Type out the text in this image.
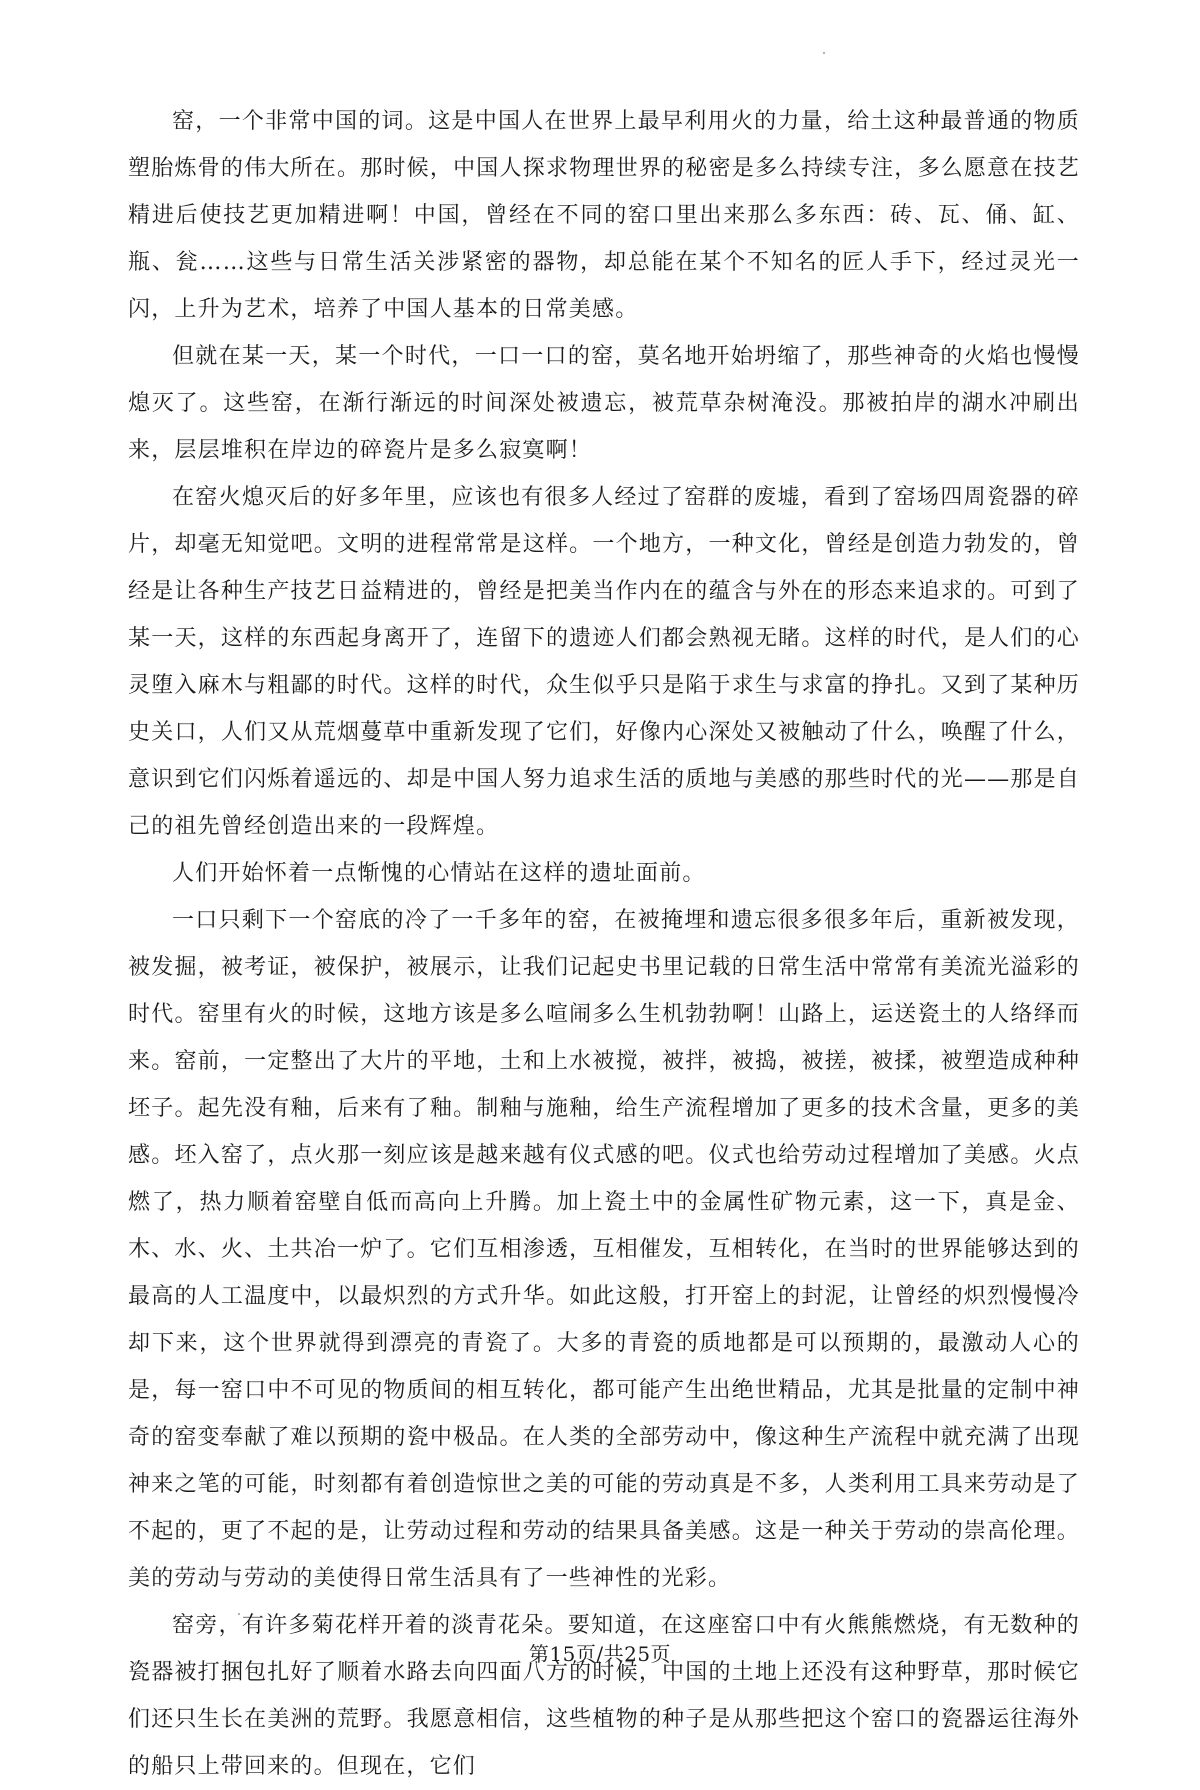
窑，一个非常中国的词。这是中国人在世界上最早利用火的力量，给土这种最普通的物质塑胎炼骨的伟大所在。那时候，中国人探求物理世界的秘密是多么持续专注，多么愿意在技艺精进后使技艺更加精进啊！中国，曾经在不同的窑口里出来那么多东西：砖、瓦、俑、缸、瓶、瓮……这些与日常生活关涉紧密的器物，却总能在某个不知名的匠人手下，经过灵光一闪，上升为艺术，培养了中国人基本的日常美感。

但就在某一天，某一个时代，一口一口的窑，莫名地开始坍缩了，那些神奇的火焰也慢慢熄灭了。这些窑，在渐行渐远的时间深处被遗忘，被荒草杂树淹没。那被拍岸的湖水冲刷出来，层层堆积在岸边的碎瓷片是多么寂寞啊！

在窑火熄灭后的好多年里，应该也有很多人经过了窑群的废墟，看到了窑场四周瓷器的碎片，却毫无知觉吧。文明的进程常常是这样。一个地方，一种文化，曾经是创造力勃发的，曾经是让各种生产技艺日益精进的，曾经是把美当作内在的蕴含与外在的形态来追求的。可到了某一天，这样的东西起身离开了，连留下的遗迹人们都会熟视无睹。这样的时代，是人们的心灵堕入麻木与粗鄙的时代。这样的时代，众生似乎只是陷于求生与求富的挣扎。又到了某种历史关口，人们又从荒烟蔓草中重新发现了它们，好像内心深处又被触动了什么，唤醒了什么，意识到它们闪烁着遥远的、却是中国人努力追求生活的质地与美感的那些时代的光——那是自己的祖先曾经创造出来的一段辉煌。

人们开始怀着一点惭愧的心情站在这样的遗址面前。

一口只剩下一个窑底的冷了一千多年的窑，在被掩埋和遗忘很多很多年后，重新被发现，被发掘，被考证，被保护，被展示，让我们记起史书里记载的日常生活中常常有美流光溢彩的时代。窑里有火的时候，这地方该是多么喧闹多么生机勃勃啊！山路上，运送瓷土的人络绎而来。窑前，一定整出了大片的平地，土和上水被搅，被拌，被捣，被搓，被揉，被塑造成种种坯子。起先没有釉，后来有了釉。制釉与施釉，给生产流程增加了更多的技术含量，更多的美感。坯入窑了，点火那一刻应该是越来越有仪式感的吧。仪式也给劳动过程增加了美感。火点燃了，热力顺着窑壁自低而高向上升腾。加上瓷土中的金属性矿物元素，这一下，真是金、木、水、火、土共冶一炉了。它们互相渗透，互相催发，互相转化，在当时的世界能够达到的最高的人工温度中，以最炽烈的方式升华。如此这般，打开窑上的封泥，让曾经的炽烈慢慢冷却下来，这个世界就得到漂亮的青瓷了。大多的青瓷的质地都是可以预期的，最激动人心的是，每一窑口中不可见的物质间的相互转化，都可能产生出绝世精品，尤其是批量的定制中神奇的窑变奉献了难以预期的瓷中极品。在人类的全部劳动中，像这种生产流程中就充满了出现神来之笔的可能，时刻都有着创造惊世之美的可能的劳动真是不多，人类利用工具来劳动是了不起的，更了不起的是，让劳动过程和劳动的结果具备美感。这是一种关于劳动的崇高伦理。美的劳动与劳动的美使得日常生活具有了一些神性的光彩。

窑旁，有许多菊花样开着的淡青花朵。要知道，在这座窑口中有火熊熊燃烧，有无数种的瓷器被打捆包扎好了顺着水路去向四面八方的时候，中国的土地上还没有这种野草，那时候它们还只生长在美洲的荒野。我愿意相信，这些植物的种子是从那些把这个窑口的瓷器运往海外的船只上带回来的。但现在，它们

第15页/共25页
